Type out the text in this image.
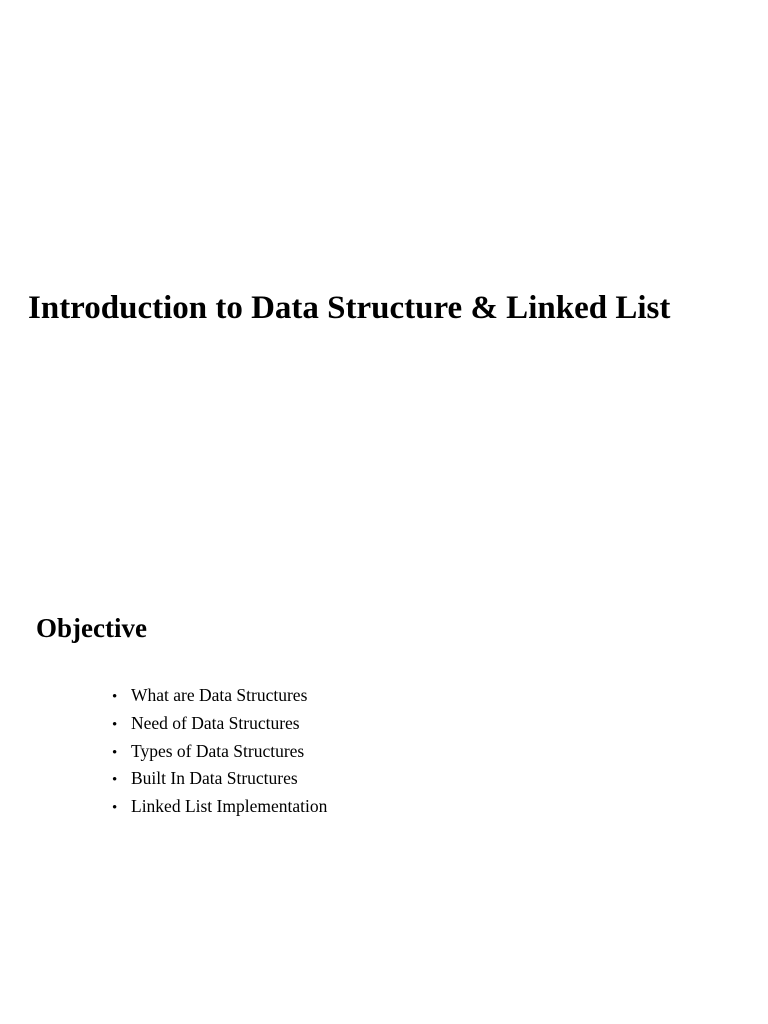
Introduction to Data Structure & Linked List
Objective
• What are Data Structures
• Need of Data Structures
• Types of Data Structures
• Built In Data Structures
• Linked List Implementation
